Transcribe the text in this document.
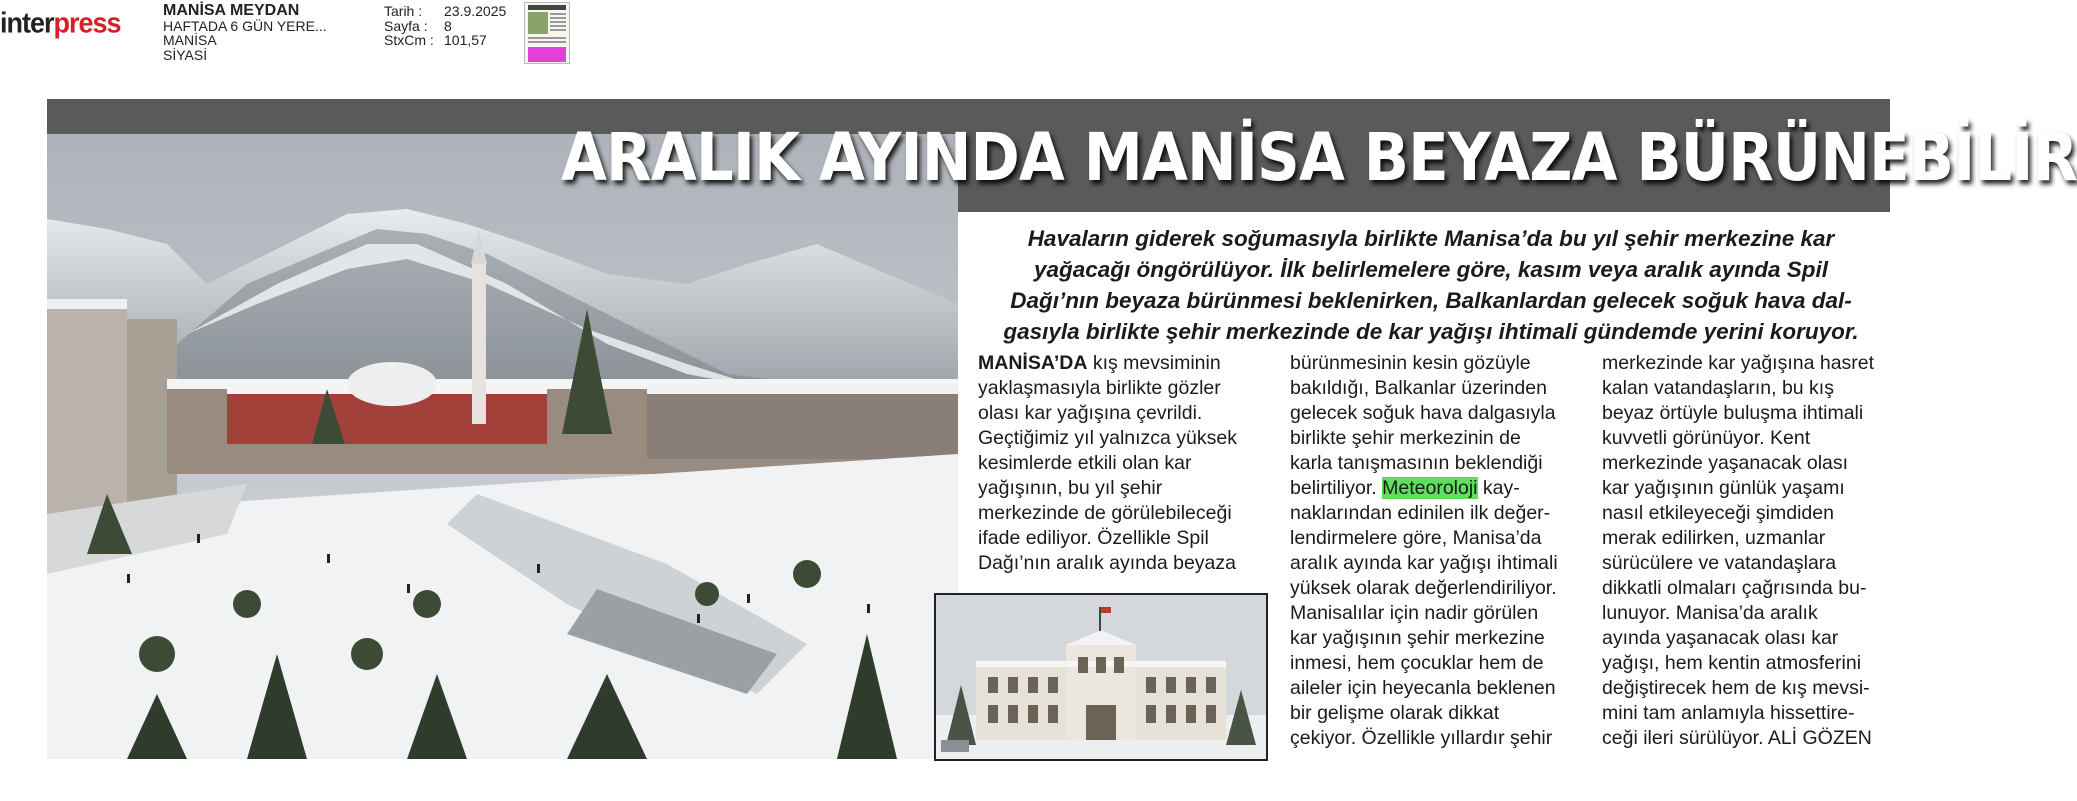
interpress	MANİSA MEYDAN
HAFTADA 6 GÜN YERE...
MANİSA
SİYASİ
Tarih : 23.9.2025
Sayfa : 8
StxCm : 101,57
ARALIK AYINDA MANİSA BEYAZA BÜRÜNEBİLİR
Havaların giderek soğumasıyla birlikte Manisa’da bu yıl şehir merkezine kar
yağacağı öngörülüyor. İlk belirlemelere göre, kasım veya aralık ayında Spil
Dağı’nın beyaza bürünmesi beklenirken, Balkanlardan gelecek soğuk hava dal-
gasıyla birlikte şehir merkezinde de kar yağışı ihtimali gündemde yerini koruyor.

MANİSA’DA kış mevsiminin

yaklaşmasıyla birlikte gözler

olası kar yağışına çevrildi.

Geçtiğimiz yıl yalnızca yüksek

kesimlerde etkili olan kar

yağışının, bu yıl şehir

merkezinde de görülebileceği

ifade ediliyor. Özellikle Spil

Dağı’nın aralık ayında beyaza

bürünmesinin kesin gözüyle

bakıldığı, Balkanlar üzerinden

gelecek soğuk hava dalgasıyla

birlikte şehir merkezinin de

karla tanışmasının beklendiği

belirtiliyor. Meteoroloji kay-

naklarından edinilen ilk değer-

lendirmelere göre, Manisa’da

aralık ayında kar yağışı ihtimali

yüksek olarak değerlendiriliyor.

Manisalılar için nadir görülen

kar yağışının şehir merkezine

inmesi, hem çocuklar hem de

aileler için heyecanla beklenen

bir gelişme olarak dikkat

çekiyor. Özellikle yıllardır şehir

merkezinde kar yağışına hasret

kalan vatandaşların, bu kış

beyaz örtüyle buluşma ihtimali

kuvvetli görünüyor. Kent

merkezinde yaşanacak olası

kar yağışının günlük yaşamı

nasıl etkileyeceği şimdiden

merak edilirken, uzmanlar

sürücülere ve vatandaşlara

dikkatli olmaları çağrısında bu-

lunuyor. Manisa’da aralık

ayında yaşanacak olası kar

yağışı, hem kentin atmosferini

değiştirecek hem de kış mevsi-

mini tam anlamıyla hissettire-

ceği ileri sürülüyor. ALİ GÖZEN
